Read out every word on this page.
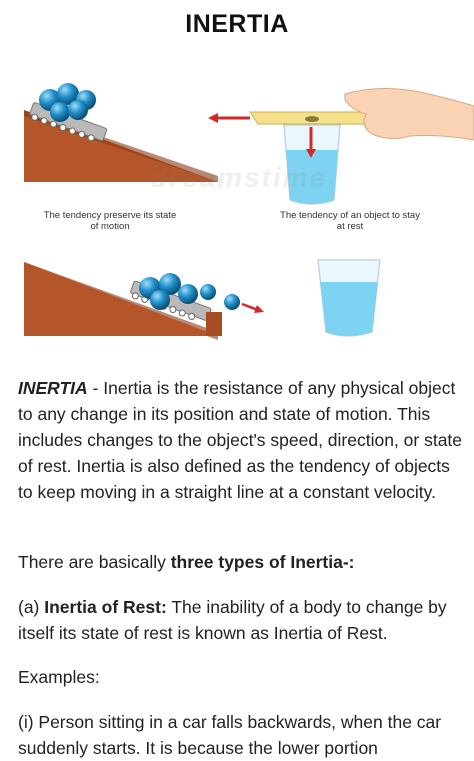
INERTIA
dreamstime
The tendency preserve its state of motion
The tendency of an object to stay at rest
INERTIA - Inertia is the resistance of any physical object to any change in its position and state of motion. This includes changes to the object's speed, direction, or state of rest. Inertia is also defined as the tendency of objects to keep moving in a straight line at a constant velocity.
There are basically three types of Inertia-:
(a) Inertia of Rest: The inability of a body to change by itself its state of rest is known as Inertia of Rest.
Examples:
(i) Person sitting in a car falls backwards, when the car suddenly starts. It is because the lower portion
